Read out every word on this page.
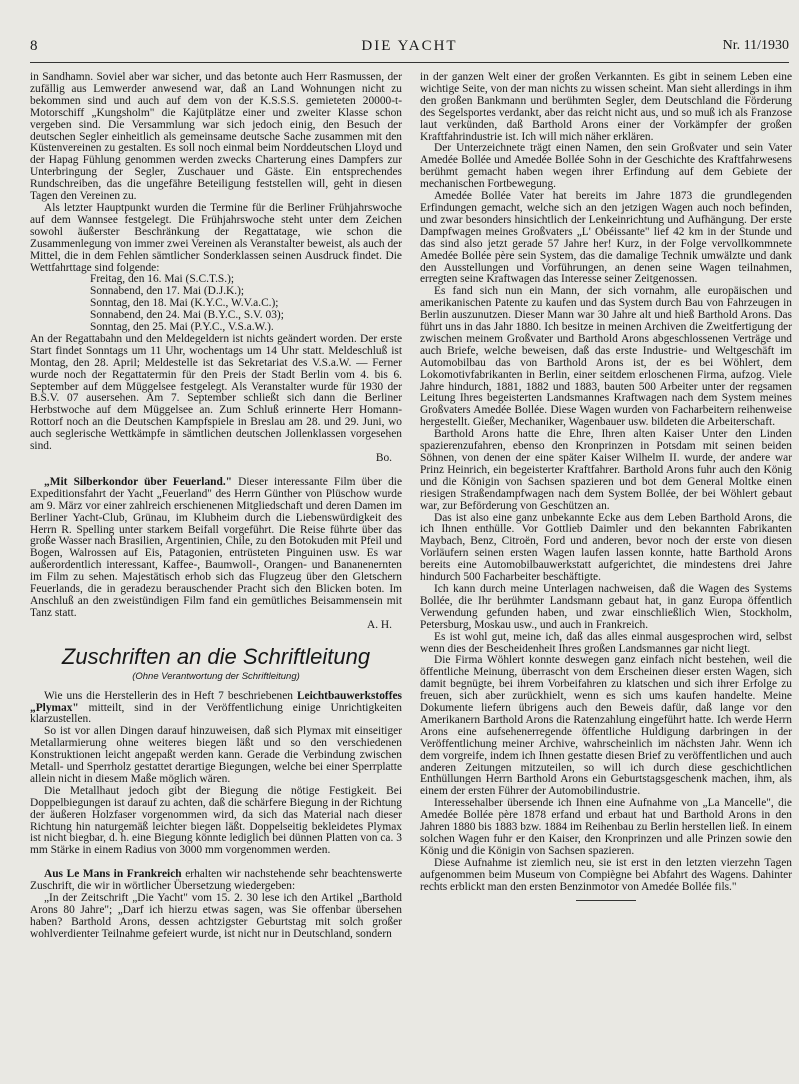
8	DIE YACHT	Nr. 11/1930

in Sandhamn. Soviel aber war sicher, und das betonte auch Herr Rasmussen, der zufällig aus Lemwerder anwesend war, daß an Land Wohnungen nicht zu bekommen sind und auch auf dem von der K.S.S.S. gemieteten 20000-t-Motorschiff „Kungsholm" die Kajütplätze einer und zweiter Klasse schon vergeben sind. Die Versammlung war sich jedoch einig, den Besuch der deutschen Segler einheitlich als gemeinsame deutsche Sache zusammen mit den Küstenvereinen zu gestalten. Es soll noch einmal beim Norddeutschen Lloyd und der Hapag Fühlung genommen werden zwecks Charterung eines Dampfers zur Unterbringung der Segler, Zuschauer und Gäste. Ein entsprechendes Rundschreiben, das die ungefähre Beteiligung feststellen will, geht in diesen Tagen den Vereinen zu.

Als letzter Hauptpunkt wurden die Termine für die Berliner Frühjahrswoche auf dem Wannsee festgelegt. Die Frühjahrswoche steht unter dem Zeichen sowohl äußerster Beschränkung der Regattatage, wie schon die Zusammenlegung von immer zwei Vereinen als Veranstalter beweist, als auch der Mittel, die in dem Fehlen sämtlicher Sonderklassen seinen Ausdruck findet. Die Wettfahrttage sind folgende:

Freitag, den 16. Mai (S.C.T.S.);
Sonnabend, den 17. Mai (D.J.K.);
Sonntag, den 18. Mai (K.Y.C., W.V.a.C.);
Sonnabend, den 24. Mai (B.Y.C., S.V. 03);
Sonntag, den 25. Mai (P.Y.C., V.S.a.W.).

An der Regattabahn und den Meldegeldern ist nichts geändert worden. Der erste Start findet Sonntags um 11 Uhr, wochentags um 14 Uhr statt. Meldeschluß ist Montag, den 28. April; Meldestelle ist das Sekretariat des V.S.a.W. — Ferner wurde noch der Regattatermin für den Preis der Stadt Berlin vom 4. bis 6. September auf dem Müggelsee festgelegt. Als Veranstalter wurde für 1930 der B.S.V. 07 ausersehen. Am 7. September schließt sich dann die Berliner Herbstwoche auf dem Müggelsee an. Zum Schluß erinnerte Herr Homann-Rottorf noch an die Deutschen Kampfspiele in Breslau am 28. und 29. Juni, wo auch seglerische Wettkämpfe in sämtlichen deutschen Jollenklassen vorgesehen sind.

Bo.

„Mit Silberkondor über Feuerland." Dieser interessante Film über die Expeditionsfahrt der Yacht „Feuerland" des Herrn Günther von Plüschow wurde am 9. März vor einer zahlreich erschienenen Mitgliedschaft und deren Damen im Berliner Yacht-Club, Grünau, im Klubheim durch die Liebenswürdigkeit des Herrn R. Spelling unter starkem Beifall vorgeführt. Die Reise führte über das große Wasser nach Brasilien, Argentinien, Chile, zu den Botokuden mit Pfeil und Bogen, Walrossen auf Eis, Patagonien, entrüsteten Pinguinen usw. Es war außerordentlich interessant, Kaffee-, Baumwoll-, Orangen- und Bananenernten im Film zu sehen. Majestätisch erhob sich das Flugzeug über den Gletschern Feuerlands, die in geradezu berauschender Pracht sich den Blicken boten. Im Anschluß an den zweistündigen Film fand ein gemütliches Beisammensein mit Tanz statt.

A. H.
Zuschriften an die Schriftleitung
(Ohne Verantwortung der Schriftleitung)

Wie uns die Herstellerin des in Heft 7 beschriebenen Leichtbauwerkstoffes „Plymax" mitteilt, sind in der Veröffentlichung einige Unrichtigkeiten klarzustellen.

So ist vor allen Dingen darauf hinzuweisen, daß sich Plymax mit einseitiger Metallarmierung ohne weiteres biegen läßt und so den verschiedenen Konstruktionen leicht angepaßt werden kann. Gerade die Verbindung zwischen Metall- und Sperrholz gestattet derartige Biegungen, welche bei einer Sperrplatte allein nicht in diesem Maße möglich wären.

Die Metallhaut jedoch gibt der Biegung die nötige Festigkeit. Bei Doppelbiegungen ist darauf zu achten, daß die schärfere Biegung in der Richtung der äußeren Holzfaser vorgenommen wird, da sich das Material nach dieser Richtung hin naturgemäß leichter biegen läßt. Doppelseitig bekleidetes Plymax ist nicht biegbar, d. h. eine Biegung könnte lediglich bei dünnen Platten von ca. 3 mm Stärke in einem Radius von 3000 mm vorgenommen werden.

Aus Le Mans in Frankreich erhalten wir nachstehende sehr beachtenswerte Zuschrift, die wir in wörtlicher Übersetzung wiedergeben:

„In der Zeitschrift „Die Yacht" vom 15. 2. 30 lese ich den Artikel „Barthold Arons 80 Jahre"; „Darf ich hierzu etwas sagen, was Sie offenbar übersehen haben? Barthold Arons, dessen achtzigster Geburtstag mit solch großer wohlverdienter Teilnahme gefeiert wurde, ist nicht nur in Deutschland, sondern

in der ganzen Welt einer der großen Verkannten. Es gibt in seinem Leben eine wichtige Seite, von der man nichts zu wissen scheint. Man sieht allerdings in ihm den großen Bankmann und berühmten Segler, dem Deutschland die Förderung des Segelsportes verdankt, aber das reicht nicht aus, und so muß ich als Franzose laut verkünden, daß Barthold Arons einer der Vorkämpfer der großen Kraftfahrindustrie ist. Ich will mich näher erklären.

Der Unterzeichnete trägt einen Namen, den sein Großvater und sein Vater Amedée Bollée und Amedée Bollée Sohn in der Geschichte des Kraftfahrwesens berühmt gemacht haben wegen ihrer Erfindung auf dem Gebiete der mechanischen Fortbewegung.

Amedée Bollée Vater hat bereits im Jahre 1873 die grundlegenden Erfindungen gemacht, welche sich an den jetzigen Wagen auch noch befinden, und zwar besonders hinsichtlich der Lenkeinrichtung und Aufhängung. Der erste Dampfwagen meines Großvaters „L' Obéissante" lief 42 km in der Stunde und das sind also jetzt gerade 57 Jahre her! Kurz, in der Folge vervollkommnete Amedée Bollée père sein System, das die damalige Technik umwälzte und dank den Ausstellungen und Vorführungen, an denen seine Wagen teilnahmen, erregten seine Kraftwagen das Interesse seiner Zeitgenossen.

Es fand sich nun ein Mann, der sich vornahm, alle europäischen und amerikanischen Patente zu kaufen und das System durch Bau von Fahrzeugen in Berlin auszunutzen. Dieser Mann war 30 Jahre alt und hieß Barthold Arons. Das führt uns in das Jahr 1880. Ich besitze in meinen Archiven die Zweitfertigung der zwischen meinem Großvater und Barthold Arons abgeschlossenen Verträge und auch Briefe, welche beweisen, daß das erste Industrie- und Weltgeschäft im Automobilbau das von Barthold Arons ist, der es bei Wöhlert, dem Lokomotivfabrikanten in Berlin, einer seitdem erloschenen Firma, aufzog. Viele Jahre hindurch, 1881, 1882 und 1883, bauten 500 Arbeiter unter der regsamen Leitung Ihres begeisterten Landsmannes Kraftwagen nach dem System meines Großvaters Amedée Bollée. Diese Wagen wurden von Facharbeitern reihenweise hergestellt. Gießer, Mechaniker, Wagenbauer usw. bildeten die Arbeiterschaft.

Barthold Arons hatte die Ehre, Ihren alten Kaiser Unter den Linden spazierenzufahren, ebenso den Kronprinzen in Potsdam mit seinen beiden Söhnen, von denen der eine später Kaiser Wilhelm II. wurde, der andere war Prinz Heinrich, ein begeisterter Kraftfahrer. Barthold Arons fuhr auch den König und die Königin von Sachsen spazieren und bot dem General Moltke einen riesigen Straßendampfwagen nach dem System Bollée, der bei Wöhlert gebaut war, zur Beförderung von Geschützen an.

Das ist also eine ganz unbekannte Ecke aus dem Leben Barthold Arons, die ich Ihnen enthülle. Vor Gottlieb Daimler und den bekannten Fabrikanten Maybach, Benz, Citroën, Ford und anderen, bevor noch der erste von diesen Vorläufern seinen ersten Wagen laufen lassen konnte, hatte Barthold Arons bereits eine Automobilbauwerkstatt aufgerichtet, die mindestens drei Jahre hindurch 500 Facharbeiter beschäftigte.

Ich kann durch meine Unterlagen nachweisen, daß die Wagen des Systems Bollée, die Ihr berühmter Landsmann gebaut hat, in ganz Europa öffentlich Verwendung gefunden haben, und zwar einschließlich Wien, Stockholm, Petersburg, Moskau usw., und auch in Frankreich.

Es ist wohl gut, meine ich, daß das alles einmal ausgesprochen wird, selbst wenn dies der Bescheidenheit Ihres großen Landsmannes gar nicht liegt.

Die Firma Wöhlert konnte deswegen ganz einfach nicht bestehen, weil die öffentliche Meinung, überrascht von dem Erscheinen dieser ersten Wagen, sich damit begnügte, bei ihrem Vorbeifahren zu klatschen und sich ihrer Erfolge zu freuen, sich aber zurückhielt, wenn es sich ums kaufen handelte. Meine Dokumente liefern übrigens auch den Beweis dafür, daß lange vor den Amerikanern Barthold Arons die Ratenzahlung eingeführt hatte. Ich werde Herrn Arons eine aufsehenerregende öffentliche Huldigung darbringen in der Veröffentlichung meiner Archive, wahrscheinlich im nächsten Jahr. Wenn ich dem vorgreife, indem ich Ihnen gestatte diesen Brief zu veröffentlichen und auch anderen Zeitungen mitzuteilen, so will ich durch diese geschichtlichen Enthüllungen Herrn Barthold Arons ein Geburtstagsgeschenk machen, ihm, als einem der ersten Führer der Automobilindustrie.

Interessehalber übersende ich Ihnen eine Aufnahme von „La Mancelle", die Amedée Bollée père 1878 erfand und erbaut hat und Barthold Arons in den Jahren 1880 bis 1883 bzw. 1884 im Reihenbau zu Berlin herstellen ließ. In einem solchen Wagen fuhr er den Kaiser, den Kronprinzen und alle Prinzen sowie den König und die Königin von Sachsen spazieren.

Diese Aufnahme ist ziemlich neu, sie ist erst in den letzten vierzehn Tagen aufgenommen beim Museum von Compiègne bei Abfahrt des Wagens. Dahinter rechts erblickt man den ersten Benzinmotor von Amedée Bollée fils."
